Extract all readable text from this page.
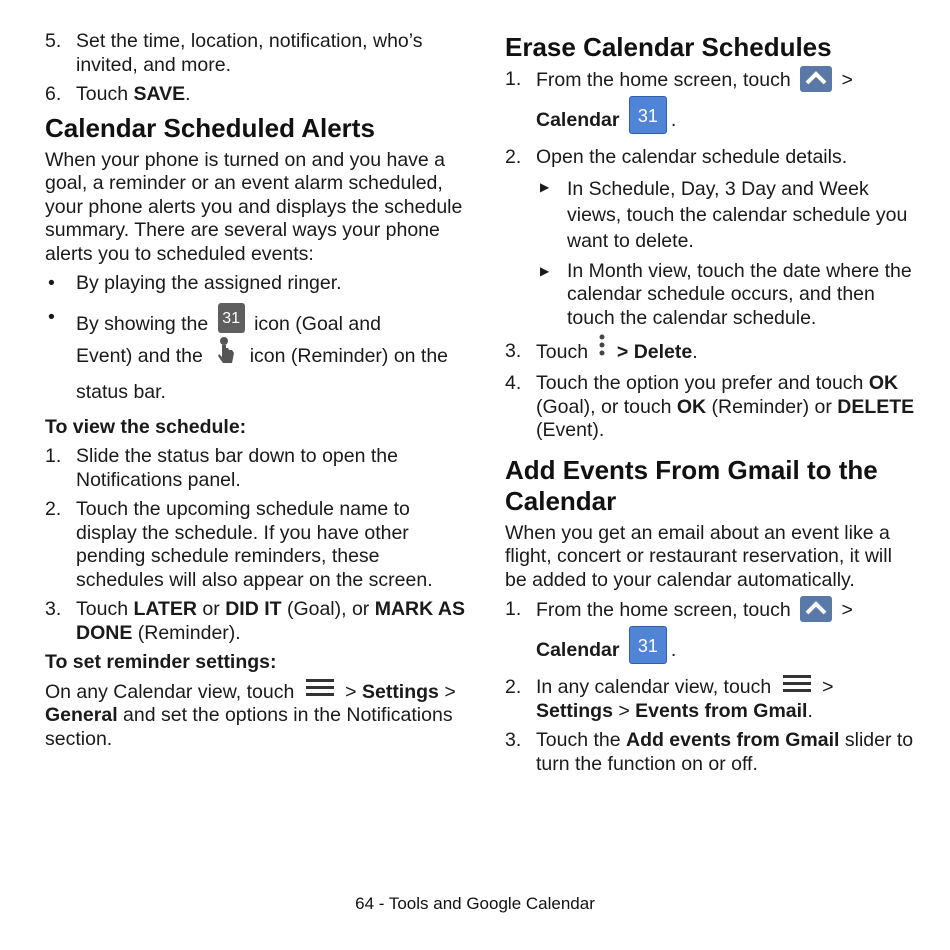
5. Set the time, location, notification, who’s invited, and more.
6. Touch SAVE.
Calendar Scheduled Alerts

When your phone is turned on and you have a goal, a reminder or an event alarm scheduled, your phone alerts you and displays the schedule summary. There are several ways your phone alerts you to scheduled events:

• By playing the assigned ringer.
• By showing the 31 icon (Goal and
Event) and the icon (Reminder) on the status bar.
To view the schedule:
1. Slide the status bar down to open the Notifications panel.
2. Touch the upcoming schedule name to display the schedule. If you have other pending schedule reminders, these schedules will also appear on the screen.
3. Touch LATER or DID IT (Goal), or MARK AS DONE (Reminder).
To set reminder settings:

On any Calendar view, touch	> Settings > General and set the options in the Notifications section.

Erase Calendar Schedules
1. From the home screen, touch	>
Calendar 31 .
2. Open the calendar schedule details.
▶ In Schedule, Day, 3 Day and Week views, touch the calendar schedule you want to delete.
▶ In Month view, touch the date where the calendar schedule occurs, and then touch the calendar schedule.
3. Touch > Delete.
4. Touch the option you prefer and touch OK (Goal), or touch OK (Reminder) or DELETE (Event).
Add Events From Gmail to the Calendar

When you get an email about an event like a flight, concert or restaurant reservation, it will be added to your calendar automatically.

1. From the home screen, touch	>
Calendar 31 .
2. In any calendar view, touch	>
Settings > Events from Gmail.
3. Touch the Add events from Gmail slider to turn the function on or off.
64 - Tools and Google Calendar
